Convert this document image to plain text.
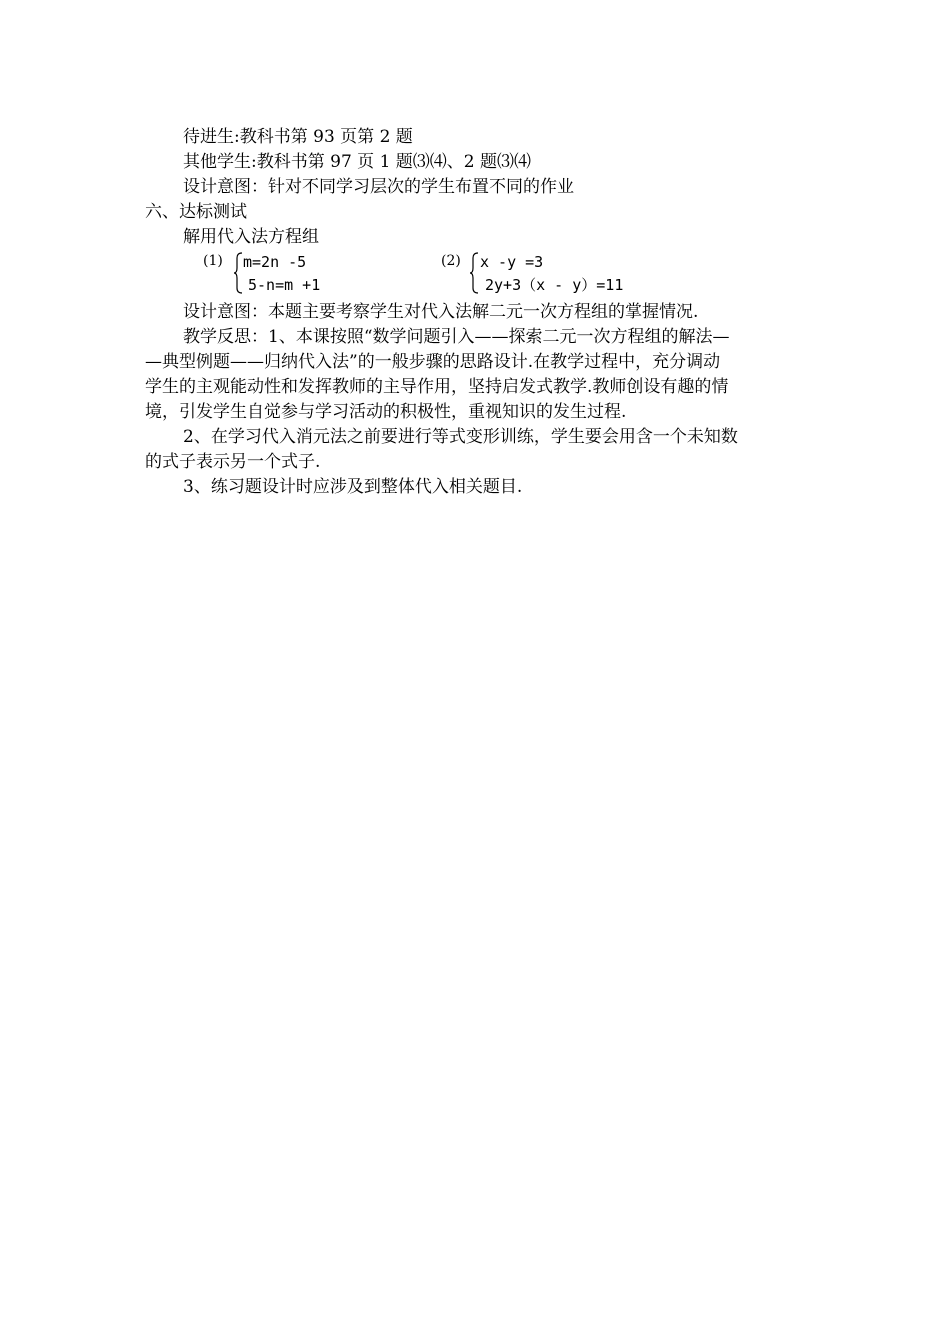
待进生:教科书第 93 页第 2 题
其他学生:教科书第 97 页 1 题⑶⑷、2 题⑶⑷
设计意图：针对不同学习层次的学生布置不同的作业
六、达标测试
解用代入法方程组
(1) m=2n -5
5-n=m +1
(2) x -y =3
2y+3（x - y）=11
设计意图：本题主要考察学生对代入法解二元一次方程组的掌握情况.
教学反思：1、本课按照“数学问题引入——探索二元一次方程组的解法—
—典型例题——归纳代入法”的一般步骤的思路设计.在教学过程中，充分调动
学生的主观能动性和发挥教师的主导作用，坚持启发式教学.教师创设有趣的情
境，引发学生自觉参与学习活动的积极性，重视知识的发生过程.
2、在学习代入消元法之前要进行等式变形训练，学生要会用含一个未知数
的式子表示另一个式子.
3、练习题设计时应涉及到整体代入相关题目.
